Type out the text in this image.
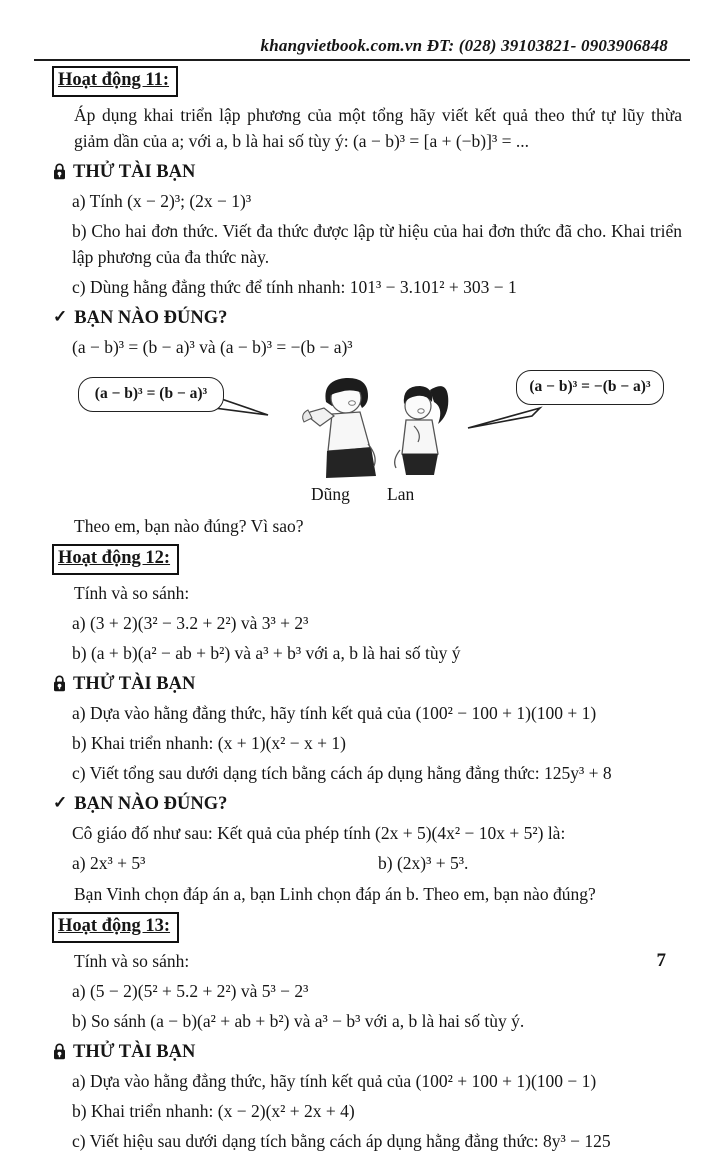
khangvietbook.com.vn ĐT: (028) 39103821- 0903906848
Hoạt động 11:

Áp dụng khai triển lập phương của một tổng hãy viết kết quả theo thứ tự lũy thừa giảm dần của a; với a, b là hai số tùy ý: (a − b)³ = [a + (−b)]³ = ...

THỬ TÀI BẠN

a) Tính (x − 2)³; (2x − 1)³

b) Cho hai đơn thức. Viết đa thức được lập từ hiệu của hai đơn thức đã cho. Khai triển lập phương của đa thức này.

c) Dùng hằng đẳng thức để tính nhanh: 101³ − 3.101² + 303 − 1

✓ BẠN NÀO ĐÚNG?

(a − b)³ = (b − a)³ và (a − b)³ = −(b − a)³

(a − b)³ = (b − a)³	(a − b)³ = −(b − a)³
Dũng Lan

Theo em, bạn nào đúng? Vì sao?

Hoạt động 12:

Tính và so sánh:

a) (3 + 2)(3² − 3.2 + 2²) và 3³ + 2³

b) (a + b)(a² − ab + b²) và a³ + b³ với a, b là hai số tùy ý

THỬ TÀI BẠN

a) Dựa vào hằng đẳng thức, hãy tính kết quả của (100² − 100 + 1)(100 + 1)

b) Khai triển nhanh: (x + 1)(x² − x + 1)

c) Viết tổng sau dưới dạng tích bằng cách áp dụng hằng đẳng thức: 125y³ + 8

✓ BẠN NÀO ĐÚNG?

Cô giáo đố như sau: Kết quả của phép tính (2x + 5)(4x² − 10x + 5²) là:

a) 2x³ + 5³	b) (2x)³ + 5³.

Bạn Vinh chọn đáp án a, bạn Linh chọn đáp án b. Theo em, bạn nào đúng?

Hoạt động 13:

Tính và so sánh:

a) (5 − 2)(5² + 5.2 + 2²) và 5³ − 2³

b) So sánh (a − b)(a² + ab + b²) và a³ − b³ với a, b là hai số tùy ý.

THỬ TÀI BẠN

a) Dựa vào hằng đẳng thức, hãy tính kết quả của (100² + 100 + 1)(100 − 1)

b) Khai triển nhanh: (x − 2)(x² + 2x + 4)

c) Viết hiệu sau dưới dạng tích bằng cách áp dụng hằng đẳng thức: 8y³ − 125

7
